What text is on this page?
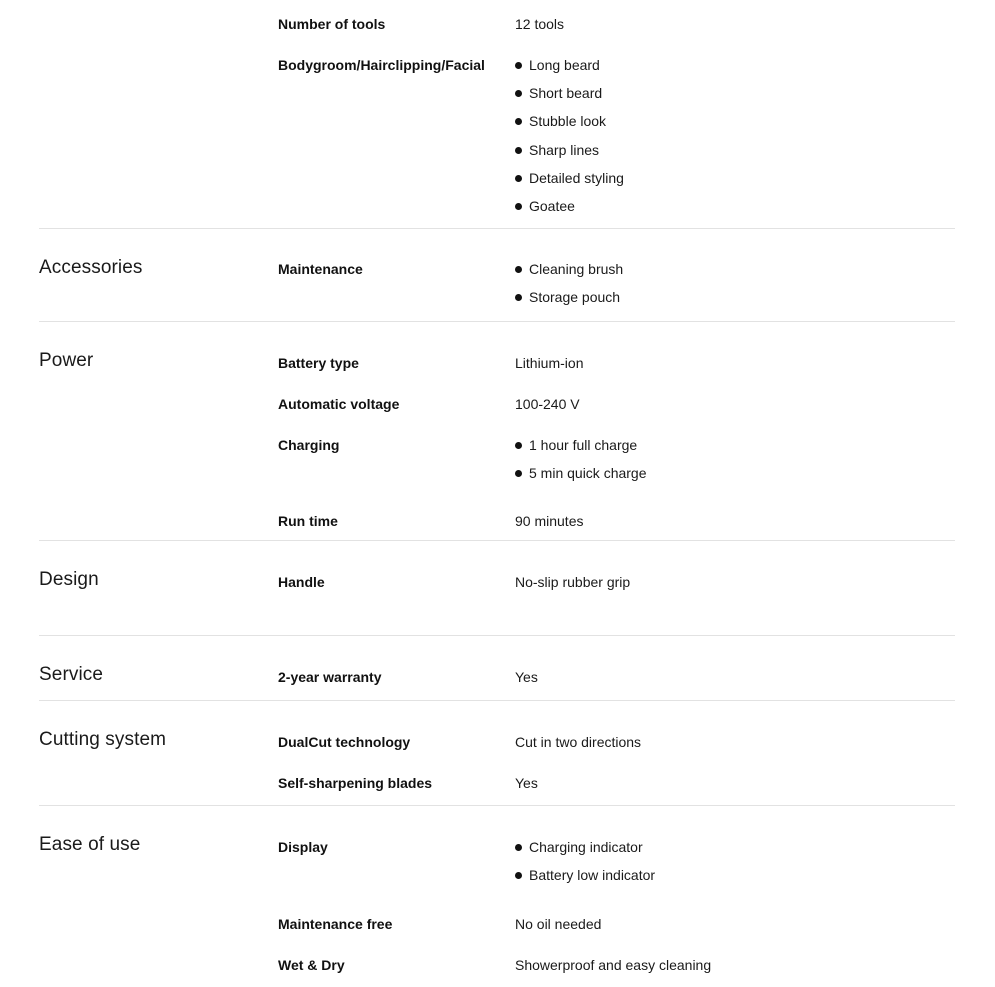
Number of tools	12 tools
Bodygroom/Hairclipping/Facial	Long beard
Short beard
Stubble look
Sharp lines
Detailed styling
Goatee
Accessories	Maintenance	Cleaning brush
Storage pouch
Power	Battery type	Lithium-ion
Automatic voltage	100-240 V
Charging	1 hour full charge
5 min quick charge
Run time	90 minutes
Design	Handle	No-slip rubber grip
Service	2-year warranty	Yes
Cutting system	DualCut technology	Cut in two directions
Self-sharpening blades	Yes
Ease of use	Display	Charging indicator
Battery low indicator
Maintenance free	No oil needed
Wet & Dry	Showerproof and easy cleaning
